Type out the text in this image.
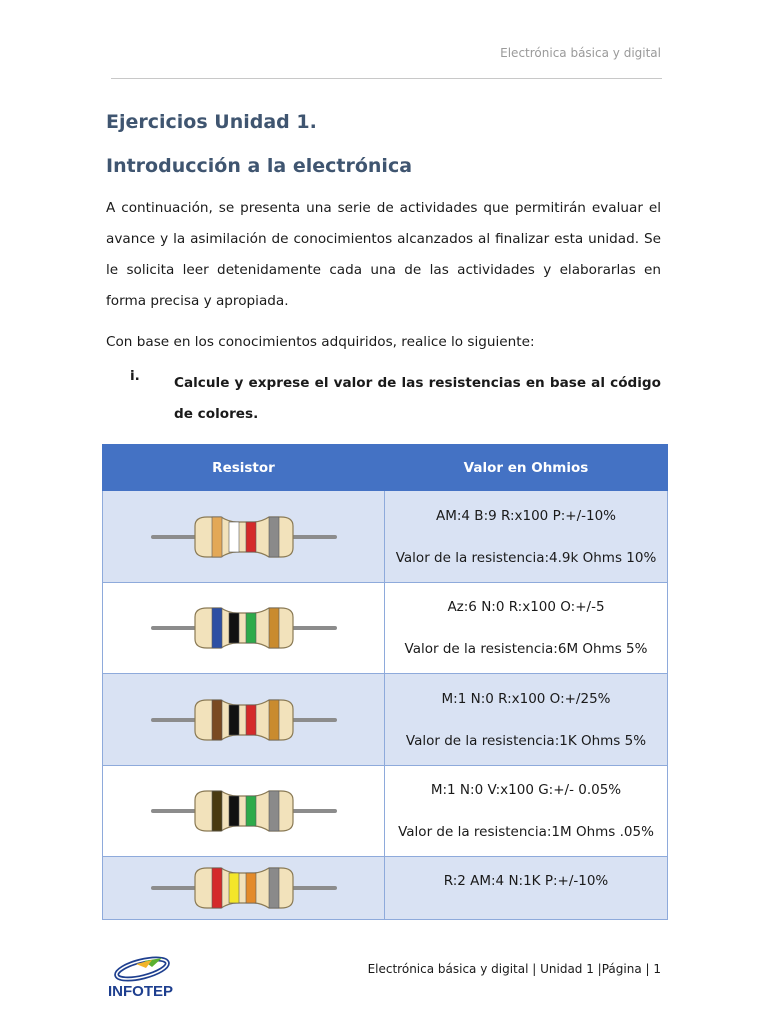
Electrónica básica y digital
Ejercicios Unidad 1.
Introducción a la electrónica

A continuación, se presenta una serie de actividades que permitirán evaluar el avance y la asimilación de conocimientos alcanzados al finalizar esta unidad. Se le solicita leer detenidamente cada una de las actividades y elaborarlas en forma precisa y apropiada.

Con base en los conocimientos adquiridos, realice lo siguiente:

i.	Calcule y exprese el valor de las resistencias en base al código de colores.
Resistor	Valor en Ohmios

AM:4 B:9 R:x100 P:+/-10%
Valor de la resistencia:4.9k Ohms 10%

Az:6 N:0 R:x100 O:+/-5
Valor de la resistencia:6M Ohms 5%

M:1 N:0 R:x100 O:+/25%
Valor de la resistencia:1K Ohms 5%

M:1 N:0 V:x100 G:+/- 0.05%
Valor de la resistencia:1M Ohms .05%

R:2 AM:4 N:1K P:+/-10%
INFOTEP
Electrónica básica y digital | Unidad 1 |Página | 1
